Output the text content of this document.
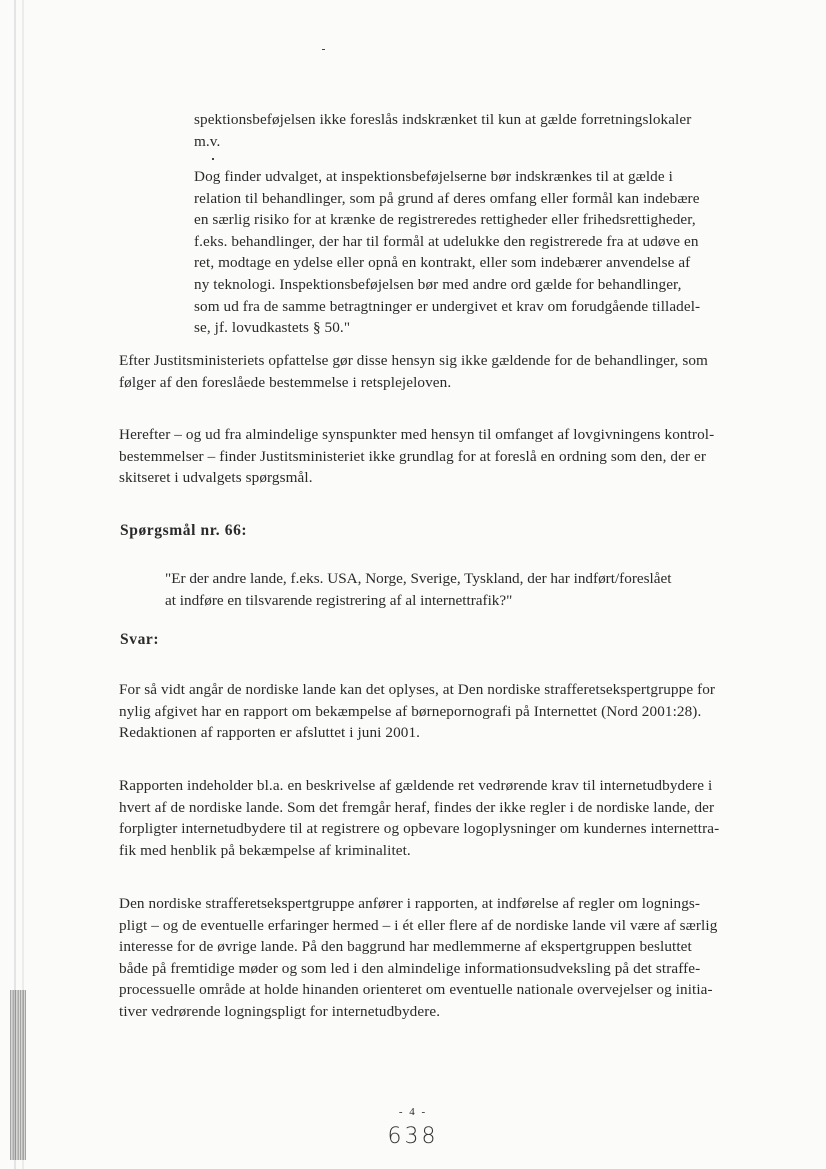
spektionsbeføjelsen ikke foreslås indskrænket til kun at gælde forretningslokaler
m.v.
Dog finder udvalget, at inspektionsbeføjelserne bør indskrænkes til at gælde i
relation til behandlinger, som på grund af deres omfang eller formål kan indebære
en særlig risiko for at krænke de registreredes rettigheder eller frihedsrettigheder,
f.eks. behandlinger, der har til formål at udelukke den registrerede fra at udøve en
ret, modtage en ydelse eller opnå en kontrakt, eller som indebærer anvendelse af
ny teknologi. Inspektionsbeføjelsen bør med andre ord gælde for behandlinger,
som ud fra de samme betragtninger er undergivet et krav om forudgående tilladel-
se, jf. lovudkastets § 50."
Efter Justitsministeriets opfattelse gør disse hensyn sig ikke gældende for de behandlinger, som
følger af den foreslåede bestemmelse i retsplejeloven.
Herefter – og ud fra almindelige synspunkter med hensyn til omfanget af lovgivningens kontrol-
bestemmelser – finder Justitsministeriet ikke grundlag for at foreslå en ordning som den, der er
skitseret i udvalgets spørgsmål.
Spørgsmål nr. 66:
"Er der andre lande, f.eks. USA, Norge, Sverige, Tyskland, der har indført/foreslået
at indføre en tilsvarende registrering af al internettrafik?"
Svar:
For så vidt angår de nordiske lande kan det oplyses, at Den nordiske strafferetsekspertgruppe for
nylig afgivet har en rapport om bekæmpelse af børnepornografi på Internettet (Nord 2001:28).
Redaktionen af rapporten er afsluttet i juni 2001.
Rapporten indeholder bl.a. en beskrivelse af gældende ret vedrørende krav til internetudbydere i
hvert af de nordiske lande. Som det fremgår heraf, findes der ikke regler i de nordiske lande, der
forpligter internetudbydere til at registrere og opbevare logoplysninger om kundernes internettra-
fik med henblik på bekæmpelse af kriminalitet.
Den nordiske strafferetsekspertgruppe anfører i rapporten, at indførelse af regler om lognings-
pligt – og de eventuelle erfaringer hermed – i ét eller flere af de nordiske lande vil være af særlig
interesse for de øvrige lande. På den baggrund har medlemmerne af ekspertgruppen besluttet
både på fremtidige møder og som led i den almindelige informationsudveksling på det straffe-
processuelle område at holde hinanden orienteret om eventuelle nationale overvejelser og initia-
tiver vedrørende logningspligt for internetudbydere.
- 4 -
638
